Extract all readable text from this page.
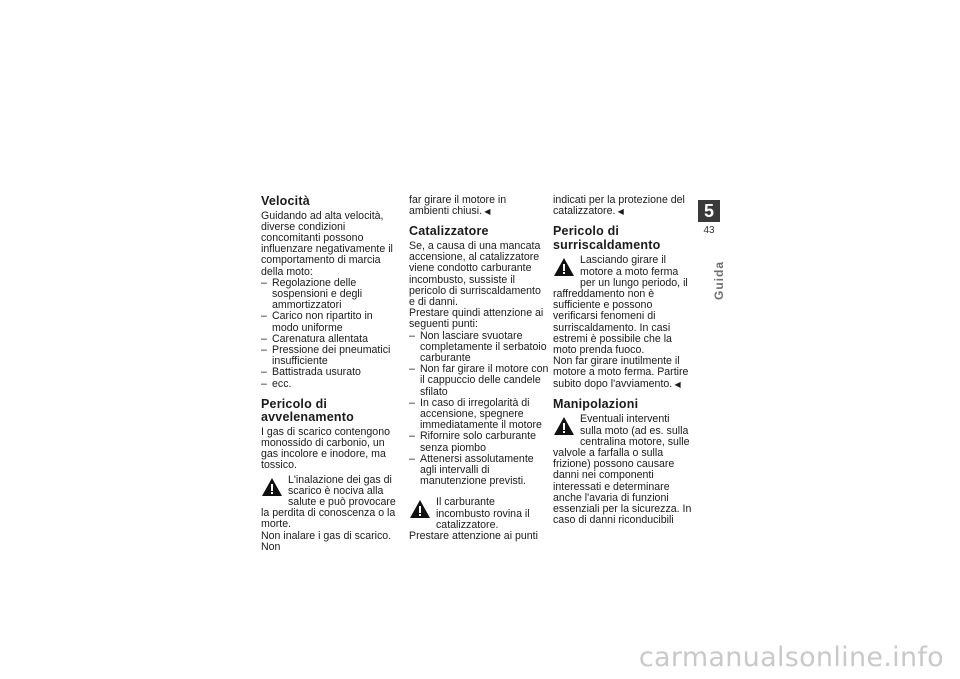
Velocità

Guidando ad alta velocità, diverse condizioni concomitanti possono influenzare negativamente il comportamento di marcia della moto:

– Regolazione delle sospensioni e degli ammortizzatori
– Carico non ripartito in modo uniforme
– Carenatura allentata
– Pressione dei pneumatici insufficiente
– Battistrada usurato
– ecc.
Pericolo di avvelenamento

I gas di scarico contengono monossido di carbonio, un gas incolore e inodore, ma tossico.

L'inalazione dei gas di scarico è nociva alla salute e può provocare la perdita di conoscenza o la morte.

Non inalare i gas di scarico. Non

far girare il motore in ambienti chiusi. ◀

Catalizzatore

Se, a causa di una mancata accensione, al catalizzatore viene condotto carburante incombusto, sussiste il pericolo di surriscaldamento e di danni.

Prestare quindi attenzione ai seguenti punti:

– Non lasciare svuotare completamente il serbatoio carburante
– Non far girare il motore con il cappuccio delle candele sfilato
– In caso di irregolarità di accensione, spegnere immediatamente il motore
– Rifornire solo carburante senza piombo
– Attenersi assolutamente agli intervalli di manutenzione previsti.
Il carburante incombusto rovina il catalizzatore.

Prestare attenzione ai punti

indicati per la protezione del catalizzatore. ◀

Pericolo di surriscaldamento
Lasciando girare il motore a moto ferma per un lungo periodo, il raffreddamento non è sufficiente e possono verificarsi fenomeni di surriscaldamento. In casi estremi è possibile che la moto prenda fuoco.

Non far girare inutilmente il motore a moto ferma. Partire subito dopo l'avviamento. ◀

Manipolazioni
Eventuali interventi sulla moto (ad es. sulla centralina motore, sulle valvole a farfalla o sulla frizione) possono causare danni nei componenti interessati e determinare anche l'avaria di funzioni essenziali per la sicurezza. In caso di danni riconducibili
5
43
Guida
carmanualsonline.info
